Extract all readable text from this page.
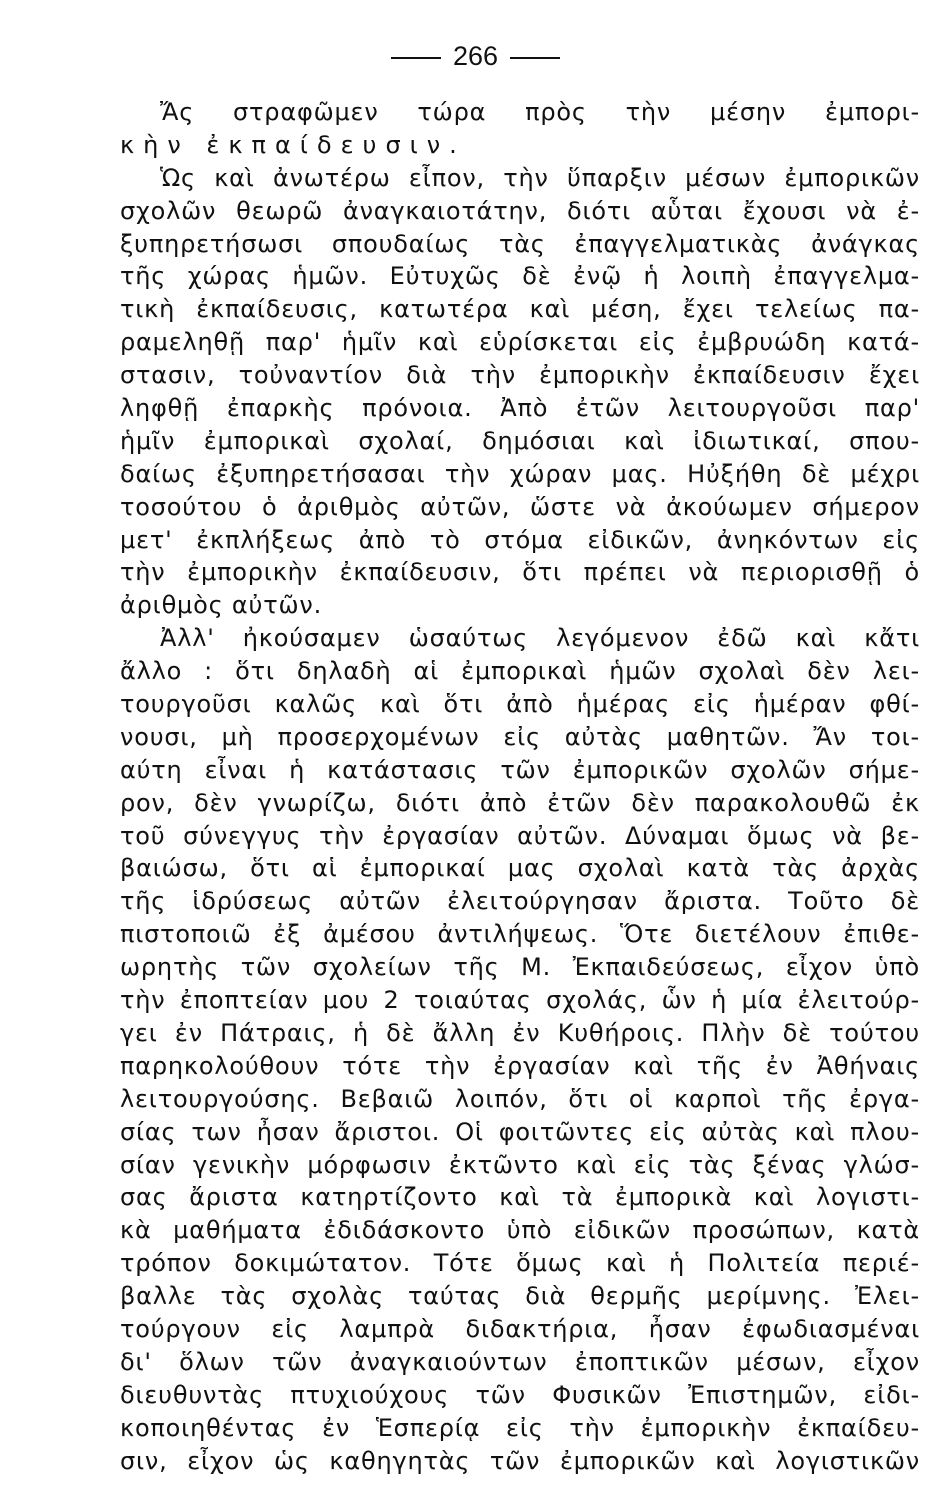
266
Ἄς στραφῶμεν τώρα πρὸς τὴν μέσην ἐμπορι-
κὴν ἐκπαίδευσιν.
Ὡς καὶ ἀνωτέρω εἶπον, τὴν ὕπαρξιν μέσων ἐμπορικῶν
σχολῶν θεωρῶ ἀναγκαιοτάτην, διότι αὗται ἔχουσι νὰ ἐ-
ξυπηρετήσωσι σπουδαίως τὰς ἐπαγγελματικὰς ἀνάγκας
τῆς χώρας ἡμῶν. Εὐτυχῶς δὲ ἐνῷ ἡ λοιπὴ ἐπαγγελμα-
τικὴ ἐκπαίδευσις, κατωτέρα καὶ μέση, ἔχει τελείως πα-
ραμεληθῇ παρ' ἡμῖν καὶ εὑρίσκεται εἰς ἐμβρυώδη κατά-
στασιν, τοὐναντίον διὰ τὴν ἐμπορικὴν ἐκπαίδευσιν ἔχει
ληφθῇ ἐπαρκὴς πρόνοια. Ἀπὸ ἐτῶν λειτουργοῦσι παρ'
ἡμῖν ἐμπορικαὶ σχολαί, δημόσιαι καὶ ἰδιωτικαί, σπου-
δαίως ἐξυπηρετήσασαι τὴν χώραν μας. Ηὐξήθη δὲ μέχρι
τοσούτου ὁ ἀριθμὸς αὐτῶν, ὥστε νὰ ἀκούωμεν σήμερον
μετ' ἐκπλήξεως ἀπὸ τὸ στόμα εἰδικῶν, ἀνηκόντων εἰς
τὴν ἐμπορικὴν ἐκπαίδευσιν, ὅτι πρέπει νὰ περιορισθῇ ὁ
ἀριθμὸς αὐτῶν.
Ἀλλ' ἠκούσαμεν ὡσαύτως λεγόμενον ἐδῶ καὶ κἄτι
ἄλλο : ὅτι δηλαδὴ αἱ ἐμπορικαὶ ἡμῶν σχολαὶ δὲν λει-
τουργοῦσι καλῶς καὶ ὅτι ἀπὸ ἡμέρας εἰς ἡμέραν φθί-
νουσι, μὴ προσερχομένων εἰς αὐτὰς μαθητῶν. Ἄν τοι-
αύτη εἶναι ἡ κατάστασις τῶν ἐμπορικῶν σχολῶν σήμε-
ρον, δὲν γνωρίζω, διότι ἀπὸ ἐτῶν δὲν παρακολουθῶ ἐκ
τοῦ σύνεγγυς τὴν ἐργασίαν αὐτῶν. Δύναμαι ὅμως νὰ βε-
βαιώσω, ὅτι αἱ ἐμπορικαί μας σχολαὶ κατὰ τὰς ἀρχὰς
τῆς ἱδρύσεως αὐτῶν ἐλειτούργησαν ἄριστα. Τοῦτο δὲ
πιστοποιῶ ἐξ ἀμέσου ἀντιλήψεως. Ὅτε διετέλουν ἐπιθε-
ωρητὴς τῶν σχολείων τῆς Μ. Ἐκπαιδεύσεως, εἶχον ὑπὸ
τὴν ἐποπτείαν μου 2 τοιαύτας σχολάς, ὧν ἡ μία ἐλειτούρ-
γει ἐν Πάτραις, ἡ δὲ ἄλλη ἐν Κυθήροις. Πλὴν δὲ τούτου
παρηκολούθουν τότε τὴν ἐργασίαν καὶ τῆς ἐν Ἀθήναις
λειτουργούσης. Βεβαιῶ λοιπόν, ὅτι οἱ καρποὶ τῆς ἐργα-
σίας των ἦσαν ἄριστοι. Οἱ φοιτῶντες εἰς αὐτὰς καὶ πλου-
σίαν γενικὴν μόρφωσιν ἐκτῶντο καὶ εἰς τὰς ξένας γλώσ-
σας ἄριστα κατηρτίζοντο καὶ τὰ ἐμπορικὰ καὶ λογιστι-
κὰ μαθήματα ἐδιδάσκοντο ὑπὸ εἰδικῶν προσώπων, κατὰ
τρόπον δοκιμώτατον. Τότε ὅμως καὶ ἡ Πολιτεία περιέ-
βαλλε τὰς σχολὰς ταύτας διὰ θερμῆς μερίμνης. Ἐλει-
τούργουν εἰς λαμπρὰ διδακτήρια, ἦσαν ἐφωδιασμέναι
δι' ὅλων τῶν ἀναγκαιούντων ἐποπτικῶν μέσων, εἶχον
διευθυντὰς πτυχιούχους τῶν Φυσικῶν Ἐπιστημῶν, εἰδι-
κοποιηθέντας ἐν Ἑσπερίᾳ εἰς τὴν ἐμπορικὴν ἐκπαίδευ-
σιν, εἶχον ὡς καθηγητὰς τῶν ἐμπορικῶν καὶ λογιστικῶν
